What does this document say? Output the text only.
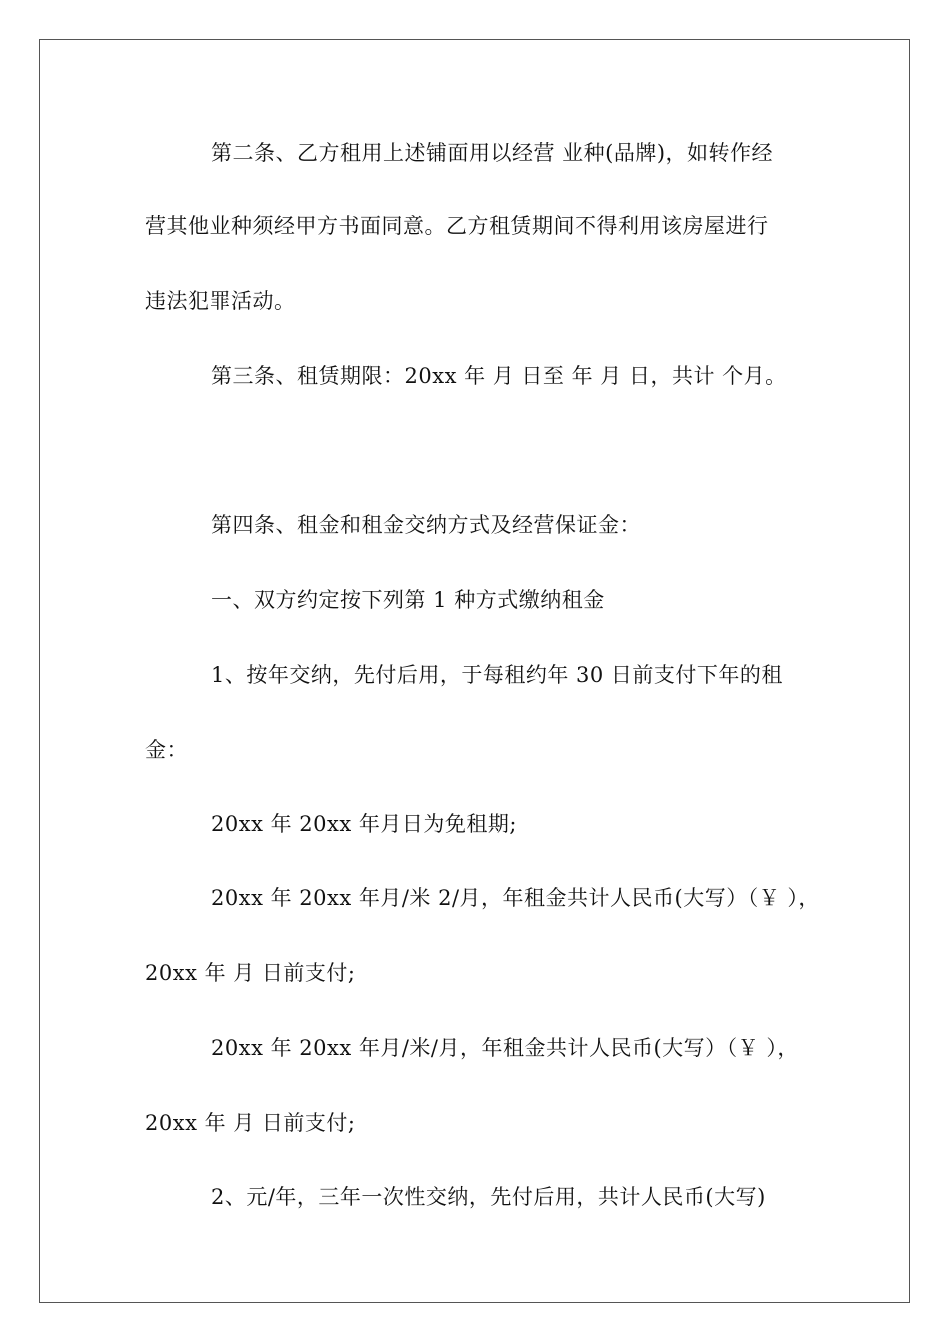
第二条、乙方租用上述铺面用以经营 业种(品牌)，如转作经
营其他业种须经甲方书面同意。乙方租赁期间不得利用该房屋进行
违法犯罪活动。
第三条、租赁期限：20xx 年 月 日至 年 月 日，共计 个月。
第四条、租金和租金交纳方式及经营保证金：
一、双方约定按下列第 1 种方式缴纳租金
1、按年交纳，先付后用，于每租约年 30 日前支付下年的租
金：
20xx 年 20xx 年月日为免租期;
20xx 年 20xx 年月/米 2/月，年租金共计人民币(大写）（￥ ），
20xx 年 月 日前支付;
20xx 年 20xx 年月/米/月，年租金共计人民币(大写）（￥ ），
20xx 年 月 日前支付;
2、元/年，三年一次性交纳，先付后用，共计人民币(大写)
